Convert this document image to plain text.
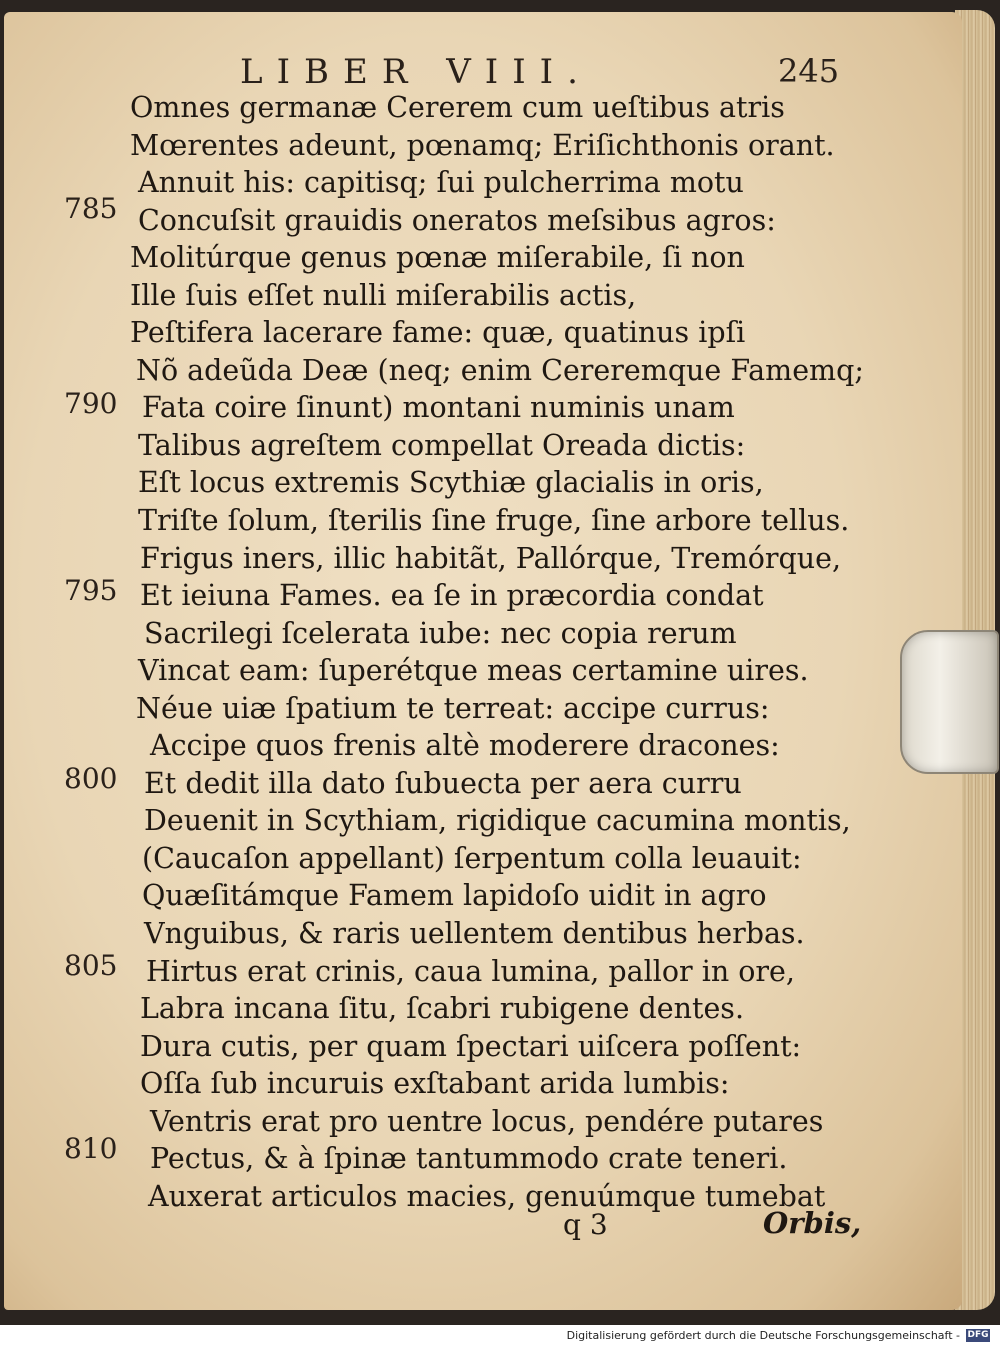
LIBER VIII.	245
785
790
795
800
805
810
Omnes germanæ Cererem cum ueſtibus atris
Mœrentes adeunt, pœnamq; Eriſichthonis orant.
Annuit his: capitisq; ſui pulcherrima motu
Concuſsit grauidis oneratos meſsibus agros:
Molitúrque genus pœnæ miſerabile, ſi non
Ille ſuis eſſet nulli miſerabilis actis,
Peſtifera lacerare fame: quæ, quatinus ipſi
Nõ adeũda Deæ (neq; enim Cereremque Famemq;
Fata coire ſinunt) montani numinis unam
Talibus agreſtem compellat Oreada dictis:
Eſt locus extremis Scythiæ glacialis in oris,
Triſte ſolum, ſterilis ſine fruge, ſine arbore tellus.
Frigus iners, illic habitãt, Pallórque, Tremórque,
Et ieiuna Fames. ea ſe in præcordia condat
Sacrilegi ſcelerata iube: nec copia rerum
Vincat eam: ſuperétque meas certamine uires.
Néue uiæ ſpatium te terreat: accipe currus:
Accipe quos frenis altè moderere dracones:
Et dedit illa dato ſubuecta per aera curru
Deuenit in Scythiam, rigidique cacumina montis,
(Caucaſon appellant) ſerpentum colla leuauit:
Quæſitámque Famem lapidoſo uidit in agro
Vnguibus, & raris uellentem dentibus herbas.
Hirtus erat crinis, caua lumina, pallor in ore,
Labra incana ſitu, ſcabri rubigene dentes.
Dura cutis, per quam ſpectari uiſcera poſſent:
Oſſa ſub incuruis exſtabant arida lumbis:
Ventris erat pro uentre locus, pendére putares
Pectus, & à ſpinæ tantummodo crate teneri.
Auxerat articulos macies, genuúmque tumebat
q 3	Orbis,
Digitalisierung gefördert durch die Deutsche Forschungsgemeinschaft - DFG
